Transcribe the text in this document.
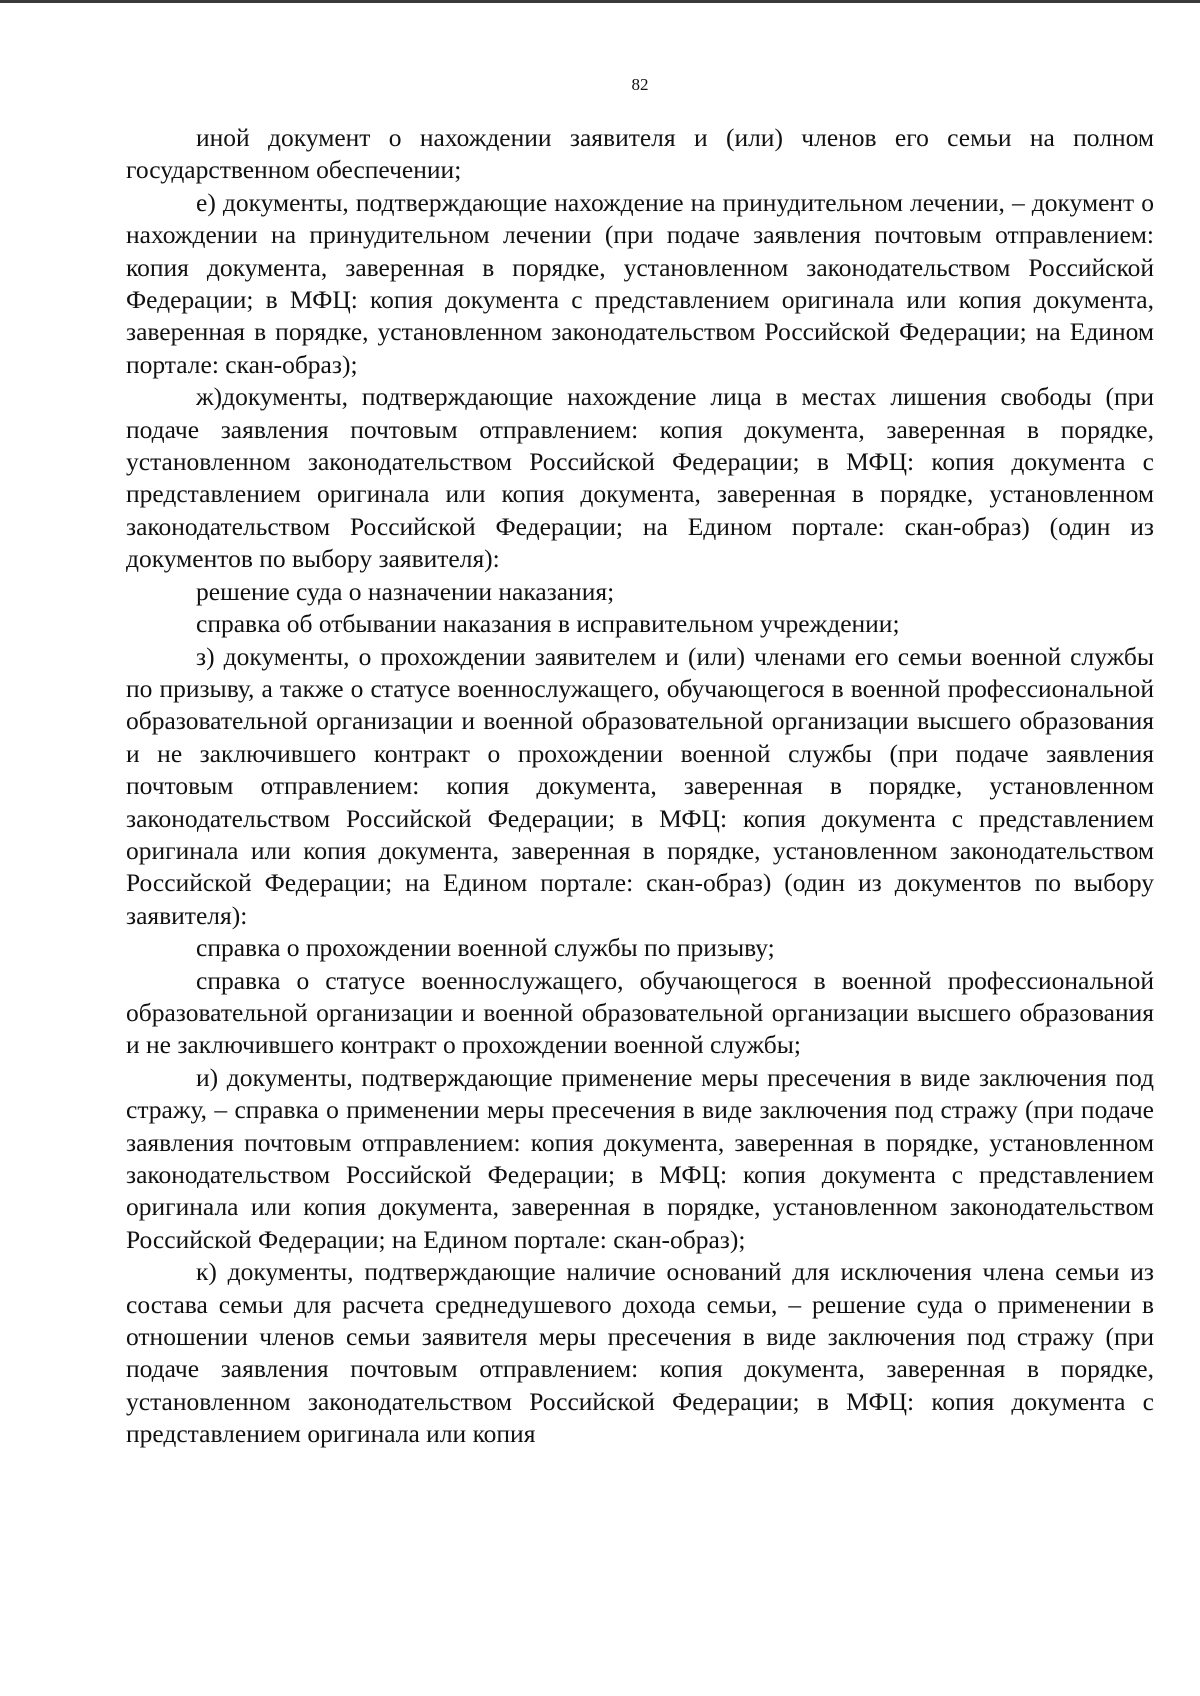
82

иной документ о нахождении заявителя и (или) членов его семьи на полном государственном обеспечении;

е) документы, подтверждающие нахождение на принудительном лечении, – документ о нахождении на принудительном лечении (при подаче заявления почтовым отправлением: копия документа, заверенная в порядке, установленном законодательством Российской Федерации; в МФЦ: копия документа с представлением оригинала или копия документа, заверенная в порядке, установленном законодательством Российской Федерации; на Едином портале: скан-образ);

ж)документы, подтверждающие нахождение лица в местах лишения свободы (при подаче заявления почтовым отправлением: копия документа, заверенная в порядке, установленном законодательством Российской Федерации; в МФЦ: копия документа с представлением оригинала или копия документа, заверенная в порядке, установленном законодательством Российской Федерации; на Едином портале: скан-образ) (один из документов по выбору заявителя):

решение суда о назначении наказания;

справка об отбывании наказания в исправительном учреждении;

з) документы, о прохождении заявителем и (или) членами его семьи военной службы по призыву, а также о статусе военнослужащего, обучающегося в военной профессиональной образовательной организации и военной образовательной организации высшего образования и не заключившего контракт о прохождении военной службы (при подаче заявления почтовым отправлением: копия документа, заверенная в порядке, установленном законодательством Российской Федерации; в МФЦ: копия документа с представлением оригинала или копия документа, заверенная в порядке, установленном законодательством Российской Федерации; на Едином портале: скан-образ) (один из документов по выбору заявителя):

справка о прохождении военной службы по призыву;

справка о статусе военнослужащего, обучающегося в военной профессиональной образовательной организации и военной образовательной организации высшего образования и не заключившего контракт о прохождении военной службы;

и) документы, подтверждающие применение меры пресечения в виде заключения под стражу, – справка о применении меры пресечения в виде заключения под стражу (при подаче заявления почтовым отправлением: копия документа, заверенная в порядке, установленном законодательством Российской Федерации; в МФЦ: копия документа с представлением оригинала или копия документа, заверенная в порядке, установленном законодательством Российской Федерации; на Едином портале: скан-образ);

к) документы, подтверждающие наличие оснований для исключения члена семьи из состава семьи для расчета среднедушевого дохода семьи, – решение суда о применении в отношении членов семьи заявителя меры пресечения в виде заключения под стражу (при подаче заявления почтовым отправлением: копия документа, заверенная в порядке, установленном законодательством Российской Федерации; в МФЦ: копия документа с представлением оригинала или копия
